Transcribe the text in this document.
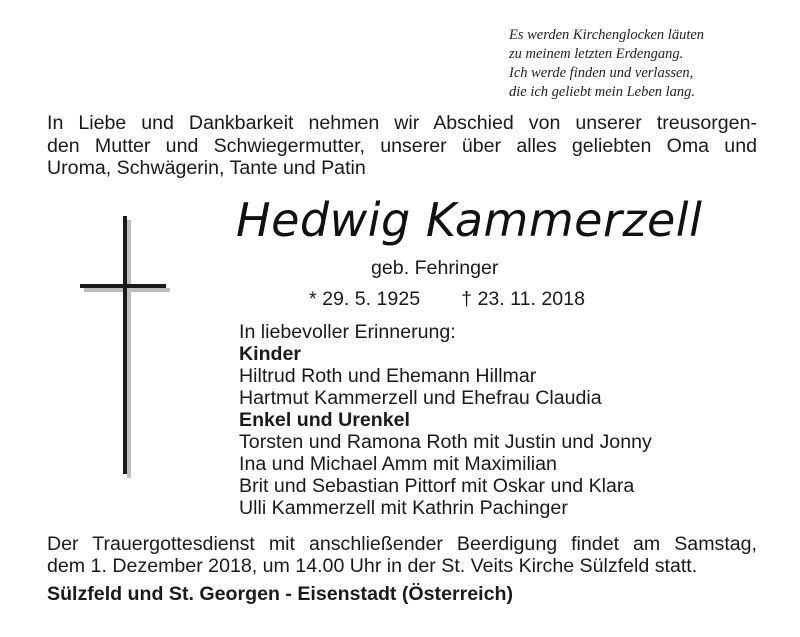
Es werden Kirchenglocken läuten
zu meinem letzten Erdengang.
Ich werde finden und verlassen,
die ich geliebt mein Leben lang.
In Liebe und Dankbarkeit nehmen wir Abschied von unserer treusorgen-
den Mutter und Schwiegermutter, unserer über alles geliebten Oma und
Uroma, Schwägerin, Tante und Patin
Hedwig Kammerzell
geb. Fehringer
* 29. 5. 1925 † 23. 11. 2018
In liebevoller Erinnerung:
Kinder
Hiltrud Roth und Ehemann Hillmar
Hartmut Kammerzell und Ehefrau Claudia
Enkel und Urenkel
Torsten und Ramona Roth mit Justin und Jonny
Ina und Michael Amm mit Maximilian
Brit und Sebastian Pittorf mit Oskar und Klara
Ulli Kammerzell mit Kathrin Pachinger
Der Trauergottesdienst mit anschließender Beerdigung findet am Samstag,
dem 1. Dezember 2018, um 14.00 Uhr in der St. Veits Kirche Sülzfeld statt.
Sülzfeld und St. Georgen - Eisenstadt (Österreich)
